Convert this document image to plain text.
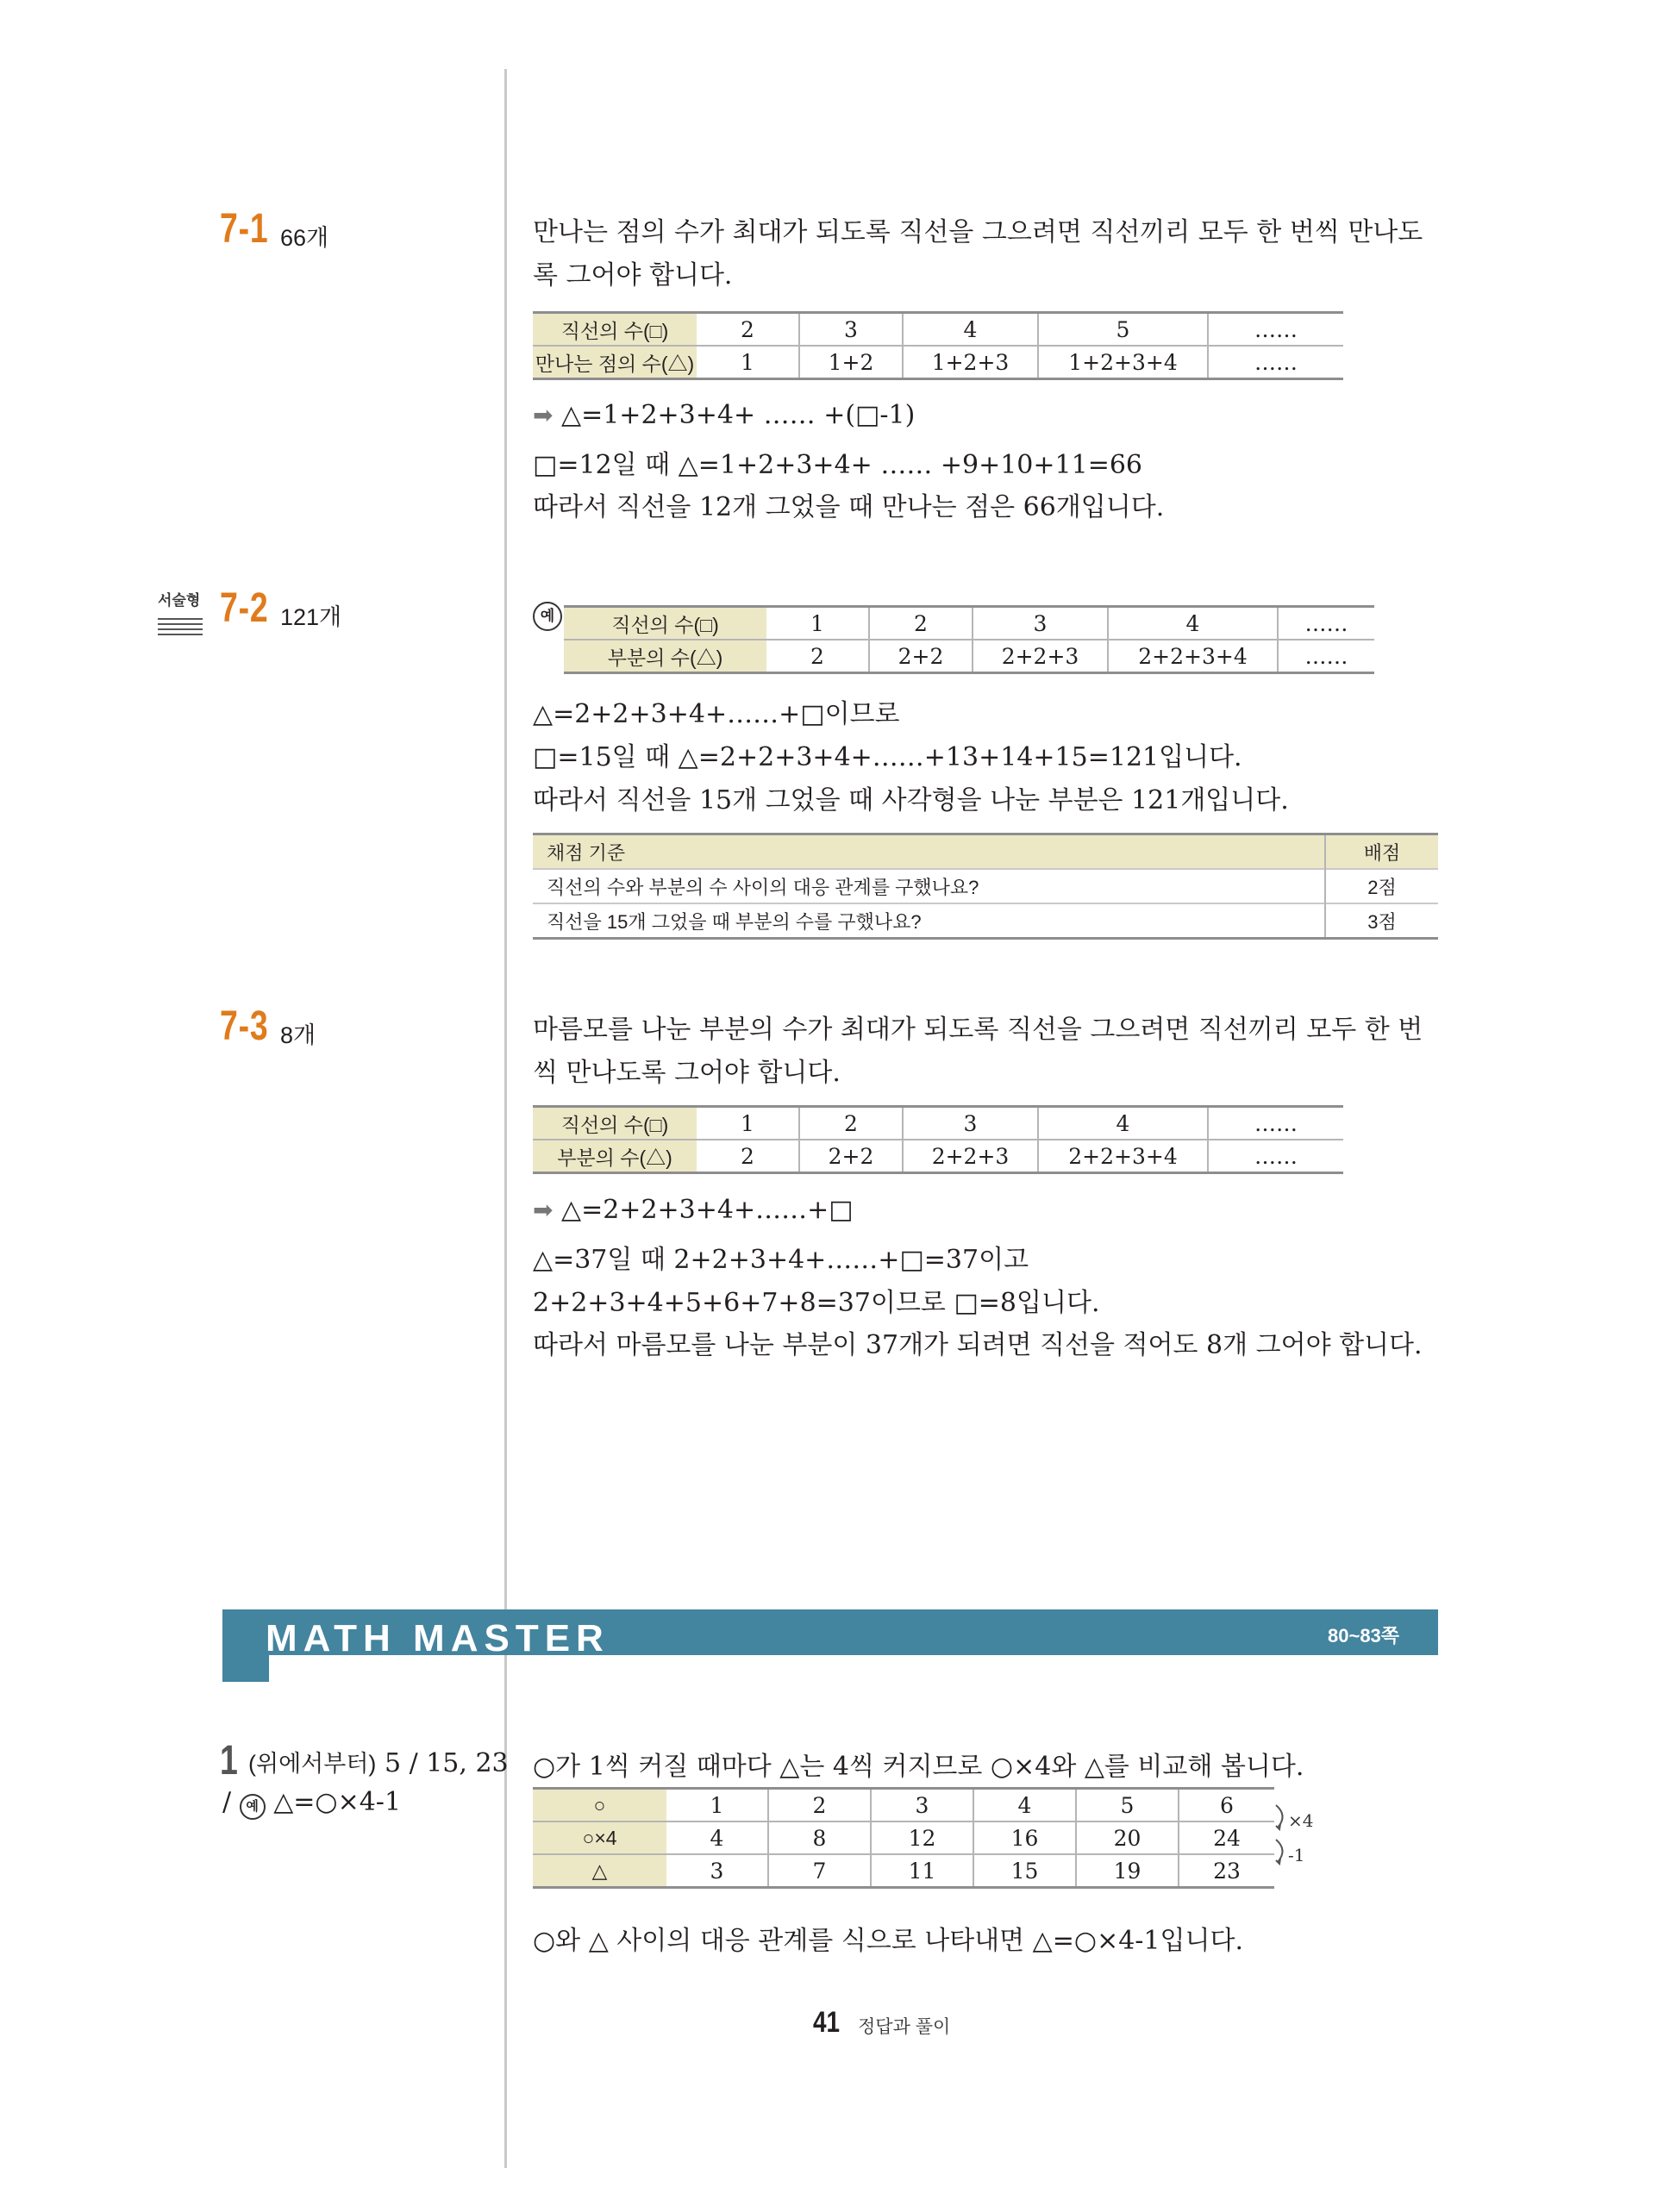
7-1 66개	만나는 점의 수가 최대가 되도록 직선을 그으려면 직선끼리 모두 한 번씩 만나도록 그어야 합니다.
직선의 수(□)	2	3	4	5	……
만나는 점의 수(△)	1	1+2	1+2+3	1+2+3+4	……
➡ △=1+2+3+4+ …… +(□-1)
□=12일 때 △=1+2+3+4+ …… +9+10+11=66
따라서 직선을 12개 그었을 때 만나는 점은 66개입니다.
서술형 7-2 121개	예	직선의 수(□)	1	2	3	4	……
부분의 수(△)	2	2+2	2+2+3	2+2+3+4	……
△=2+2+3+4+……+□이므로
□=15일 때 △=2+2+3+4+……+13+14+15=121입니다.
따라서 직선을 15개 그었을 때 사각형을 나눈 부분은 121개입니다.
채점 기준	배점
직선의 수와 부분의 수 사이의 대응 관계를 구했나요?	2점
직선을 15개 그었을 때 부분의 수를 구했나요?	3점
7-3 8개	마름모를 나눈 부분의 수가 최대가 되도록 직선을 그으려면 직선끼리 모두 한 번씩 만나도록 그어야 합니다.
직선의 수(□)	1	2	3	4	……
부분의 수(△)	2	2+2	2+2+3	2+2+3+4	……
➡ △=2+2+3+4+……+□
△=37일 때 2+2+3+4+……+□=37이고
2+2+3+4+5+6+7+8=37이므로 □=8입니다.
따라서 마름모를 나눈 부분이 37개가 되려면 직선을 적어도 8개 그어야 합니다.
MATH MASTER	80~83쪽
1 (위에서부터) 5 / 15, 23
/ 예 △=○×4-1
○가 1씩 커질 때마다 △는 4씩 커지므로 ○×4와 △를 비교해 봅니다.
○	1	2	3	4	5	6
○×4	4	8	12	16	20	24
△	3	7	11	15	19	23
×4
-1
○와 △ 사이의 대응 관계를 식으로 나타내면 △=○×4-1입니다.
41 정답과 풀이
